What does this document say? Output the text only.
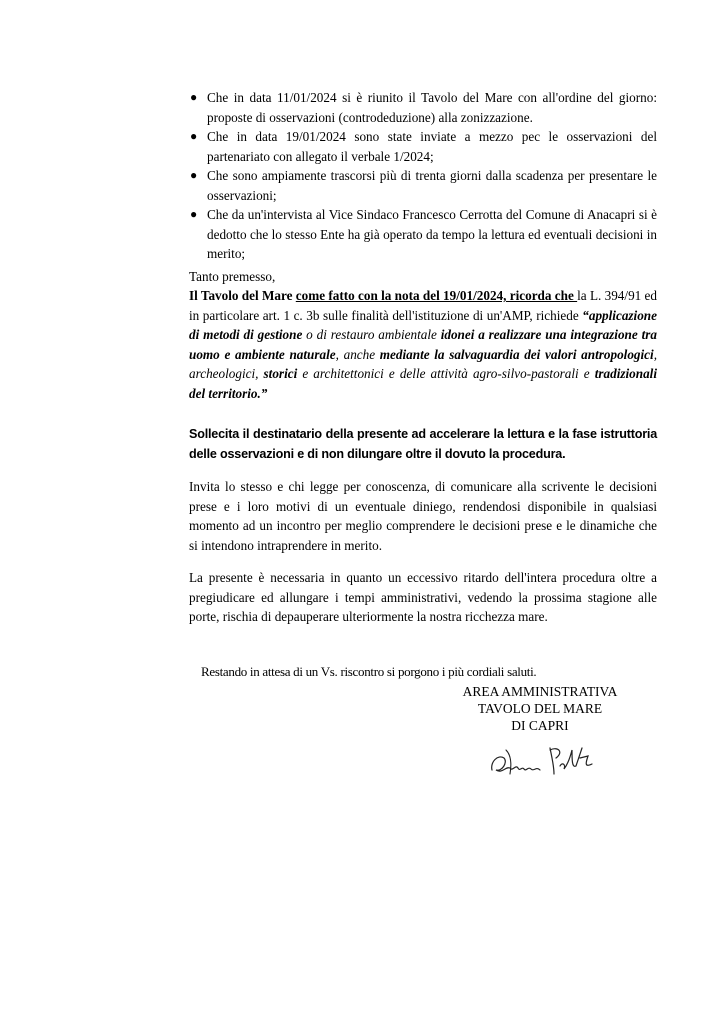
● Che in data 11/01/2024 si è riunito il Tavolo del Mare con all'ordine del giorno: proposte di osservazioni (controdeduzione) alla zonizzazione.
● Che in data 19/01/2024 sono state inviate a mezzo pec le osservazioni del partenariato con allegato il verbale 1/2024;
● Che sono ampiamente trascorsi più di trenta giorni dalla scadenza per presentare le osservazioni;
● Che da un'intervista al Vice Sindaco Francesco Cerrotta del Comune di Anacapri si è dedotto che lo stesso Ente ha già operato da tempo la lettura ed eventuali decisioni in merito;

Tanto premesso,

Il Tavolo del Mare come fatto con la nota del 19/01/2024, ricorda che la L. 394/91 ed in particolare art. 1 c. 3b sulle finalità dell'istituzione di un'AMP, richiede “applicazione di metodi di gestione o di restauro ambientale idonei a realizzare una integrazione tra uomo e ambiente naturale, anche mediante la salvaguardia dei valori antropologici, archeologici, storici e architettonici e delle attività agro-silvo-pastorali e tradizionali del territorio.”

Sollecita il destinatario della presente ad accelerare la lettura e la fase istruttoria delle osservazioni e di non dilungare oltre il dovuto la procedura.

Invita lo stesso e chi legge per conoscenza, di comunicare alla scrivente le decisioni prese e i loro motivi di un eventuale diniego, rendendosi disponibile in qualsiasi momento ad un incontro per meglio comprendere le decisioni prese e le dinamiche che si intendono intraprendere in merito.

La presente è necessaria in quanto un eccessivo ritardo dell'intera procedura oltre a pregiudicare ed allungare i tempi amministrativi, vedendo la prossima stagione alle porte, rischia di depauperare ulteriormente la nostra ricchezza mare.

Restando in attesa di un Vs. riscontro si porgono i più cordiali saluti.

AREA AMMINISTRATIVA
TAVOLO DEL MARE
DI CAPRI
